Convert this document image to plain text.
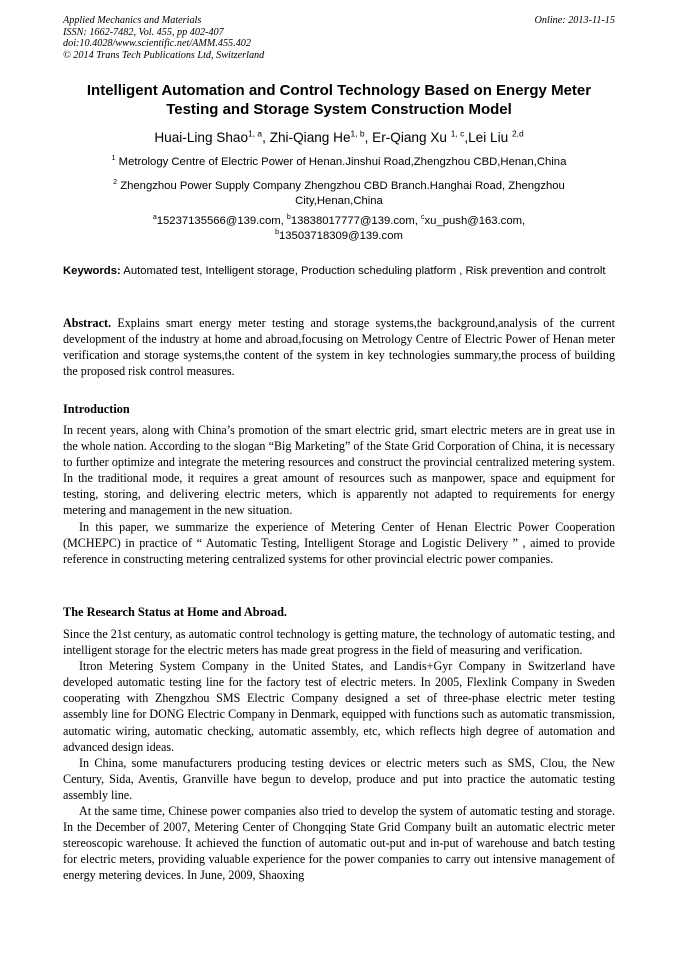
Applied Mechanics and Materials
ISSN: 1662-7482, Vol. 455, pp 402-407
doi:10.4028/www.scientific.net/AMM.455.402
© 2014 Trans Tech Publications Ltd, Switzerland
Online: 2013-11-15
Intelligent Automation and Control Technology Based on Energy Meter Testing and Storage System Construction Model
Huai-Ling Shao$^{1, a}$, Zhi-Qiang He$^{1, b}$, Er-Qiang Xu $^{1, c}$,Lei Liu $^{2,d}$
$^1$ Metrology Centre of Electric Power of Henan.Jinshui Road,Zhengzhou CBD,Henan,China
$^2$ Zhengzhou Power Supply Company Zhengzhou CBD Branch.Hanghai Road, Zhengzhou City,Henan,China
$^a$15237135566@139.com, $^b$13838017777@139.com, $^c$xu_push@163.com,
$^b$13503718309@139.com
Keywords: Automated test, Intelligent storage, Production scheduling platform , Risk prevention and controlt

Abstract. Explains smart energy meter testing and storage systems,the background,analysis of the current development of the industry at home and abroad,focusing on Metrology Centre of Electric Power of Henan meter verification and storage systems,the content of the system in key technologies summary,the process of building the proposed risk control measures.

Introduction

In recent years, along with China’s promotion of the smart electric grid, smart electric meters are in great use in the whole nation. According to the slogan “Big Marketing” of the State Grid Corporation of China, it is necessary to further optimize and integrate the metering resources and construct the provincial centralized metering system. In the traditional mode, it requires a great amount of resources such as manpower, space and equipment for testing, storing, and delivering electric meters, which is apparently not adapted to requirements for energy metering and management in the new situation.

In this paper, we summarize the experience of Metering Center of Henan Electric Power Cooperation (MCHEPC) in practice of “ Automatic Testing, Intelligent Storage and Logistic Delivery ” , aimed to provide reference in constructing metering centralized systems for other provincial electric power companies.

The Research Status at Home and Abroad.

Since the 21st century, as automatic control technology is getting mature, the technology of automatic testing, and intelligent storage for the electric meters has made great progress in the field of measuring and verification.

Itron Metering System Company in the United States, and Landis+Gyr Company in Switzerland have developed automatic testing line for the factory test of electric meters. In 2005, Flexlink Company in Sweden cooperating with Zhengzhou SMS Electric Company designed a set of three-phase electric meter testing assembly line for DONG Electric Company in Denmark, equipped with functions such as automatic transmission, automatic wiring, automatic checking, automatic assembly, etc, which reflects high degree of automation and advanced design ideas.

In China, some manufacturers producing testing devices or electric meters such as SMS, Clou, the New Century, Sida, Aventis, Granville have begun to develop, produce and put into practice the automatic testing assembly line.

At the same time, Chinese power companies also tried to develop the system of automatic testing and storage. In the December of 2007, Metering Center of Chongqing State Grid Company built an automatic electric meter stereoscopic warehouse. It achieved the function of automatic out-put and in-put of warehouse and batch testing for electric meters, providing valuable experience for the power companies to carry out intensive management of energy metering devices. In June, 2009, Shaoxing
